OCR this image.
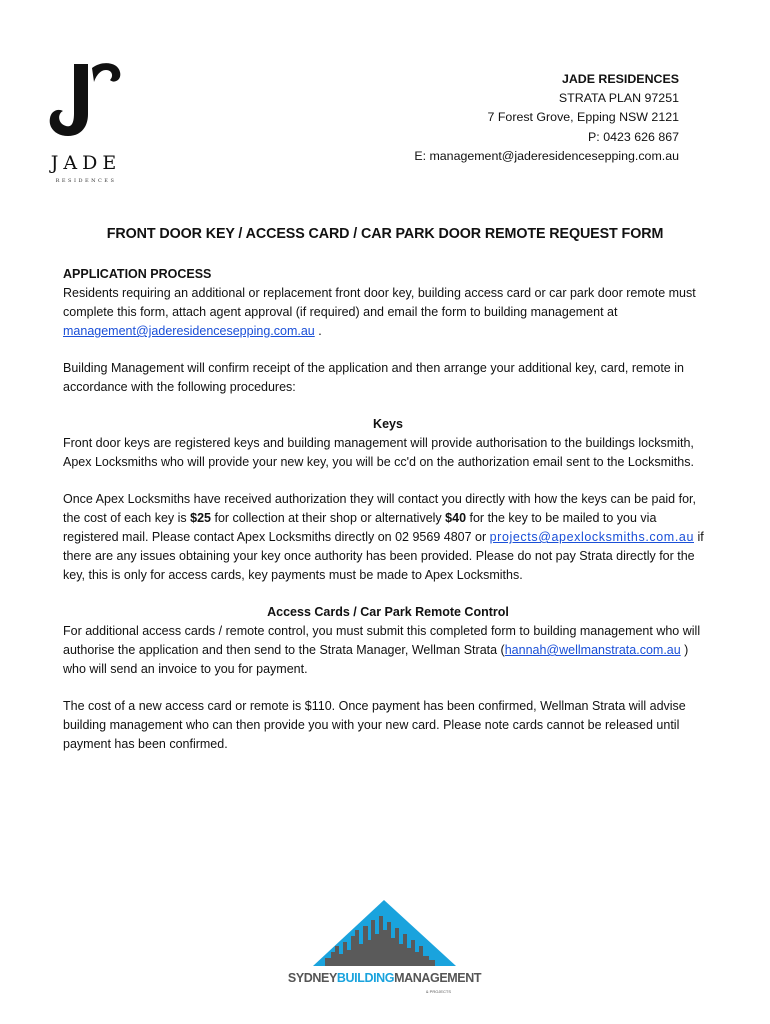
JADE
RESIDENCES
JADE RESIDENCES
STRATA PLAN 97251
7 Forest Grove, Epping NSW 2121
P: 0423 626 867
E: management@jaderesidencesepping.com.au
FRONT DOOR KEY / ACCESS CARD / CAR PARK DOOR REMOTE REQUEST FORM

APPLICATION PROCESS

Residents requiring an additional or replacement front door key, building access card or car park door remote must complete this form, attach agent approval (if required) and email the form to building management at management@jaderesidencesepping.com.au .

Building Management will confirm receipt of the application and then arrange your additional key, card, remote in accordance with the following procedures:

Keys

Front door keys are registered keys and building management will provide authorisation to the buildings locksmith, Apex Locksmiths who will provide your new key, you will be cc'd on the authorization email sent to the Locksmiths.

Once Apex Locksmiths have received authorization they will contact you directly with how the keys can be paid for, the cost of each key is $25 for collection at their shop or alternatively $40 for the key to be mailed to you via registered mail. Please contact Apex Locksmiths directly on 02 9569 4807 or projects@apexlocksmiths.com.au if there are any issues obtaining your key once authority has been provided. Please do not pay Strata directly for the key, this is only for access cards, key payments must be made to Apex Locksmiths.

Access Cards / Car Park Remote Control

For additional access cards / remote control, you must submit this completed form to building management who will authorise the application and then send to the Strata Manager, Wellman Strata (hannah@wellmanstrata.com.au ) who will send an invoice to you for payment.

The cost of a new access card or remote is $110. Once payment has been confirmed, Wellman Strata will advise building management who can then provide you with your new card. Please note cards cannot be released until payment has been confirmed.

SYDNEYBUILDINGMANAGEMENT
& PROJECTS
